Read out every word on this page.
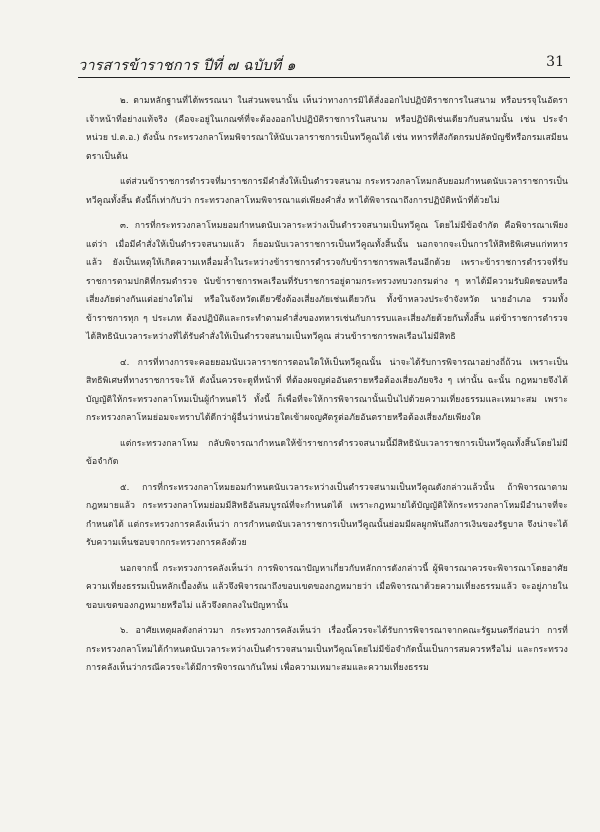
วารสารข้าราชการ ปีที่ ๗ ฉบับที่ ๑	31

๒. ตามหลักฐานที่ได้พรรณนา ในส่วนพจนานั้น เห็นว่าทางการมิได้สั่งออกไปปฏิบัติราชการในสนาม หรือบรรจุในอัตราเจ้าหน้าที่อย่างแท้จริง (คือจะอยู่ในเกณฑ์ที่จะต้องออกไปปฏิบัติราชการในสนาม หรือปฏิบัติเช่นเดียวกับสนามนั้น เช่น ประจำหน่วย ป.ต.อ.) ดังนั้น กระทรวงกลาโหมพิจารณาให้นับเวลาราชการเป็นทวีคูณได้ เช่น ทหารที่สังกัดกรมปลัดบัญชีหรือกรมเสมียนตราเป็นต้น

แต่ส่วนข้าราชการตำรวจที่มาราชการมีคำสั่งให้เป็นตำรวจสนาม กระทรวงกลาโหมกลับยอมกำหนดนับเวลาราชการเป็นทวีคูณทั้งสิ้น ดังนี้ก็เท่ากับว่า กระทรวงกลาโหมพิจารณาแต่เพียงคำสั่ง หาได้พิจารณาถึงการปฏิบัติหน้าที่ด้วยไม่

๓. การที่กระทรวงกลาโหมยอมกำหนดนับเวลาระหว่างเป็นตำรวจสนามเป็นทวีคูณ โดยไม่มีข้อจำกัด คือพิจารณาเพียงแต่ว่า เมื่อมีคำสั่งให้เป็นตำรวจสนามแล้ว ก็ยอมนับเวลาราชการเป็นทวีคูณทั้งสิ้นนั้น นอกจากจะเป็นการให้สิทธิพิเศษแก่ทหารแล้ว ยังเป็นเหตุให้เกิดความเหลื่อมล้ำในระหว่างข้าราชการตำรวจกับข้าราชการพลเรือนอีกด้วย เพราะข้าราชการตำรวจที่รับราชการตามปกติที่กรมตำรวจ นับข้าราชการพลเรือนที่รับราชการอยู่ตามกระทรวงทบวงกรมต่าง ๆ หาได้มีความรับผิดชอบหรือเสี่ยงภัยต่างกันแต่อย่างใดไม่ หรือในจังหวัดเดียวซึ่งต้องเสี่ยงภัยเช่นเดียวกัน ทั้งข้าหลวงประจำจังหวัด นายอำเภอ รวมทั้งข้าราชการทุก ๆ ประเภท ต้องปฏิบัติและกระทำตามคำสั่งของทหารเช่นกับการรบและเสี่ยงภัยด้วยกันทั้งสิ้น แต่ข้าราชการตำรวจได้สิทธินับเวลาระหว่างที่ได้รับคำสั่งให้เป็นตำรวจสนามเป็นทวีคูณ ส่วนข้าราชการพลเรือนไม่มีสิทธิ

๔. การที่ทางการจะคอยยอมนับเวลาราชการตอนใดให้เป็นทวีคูณนั้น น่าจะได้รับการพิจารณาอย่างถี่ถ้วน เพราะเป็นสิทธิพิเศษที่ทางราชการจะให้ ดังนั้นควรจะดูที่หน้าที่ ที่ต้องผจญต่ออันตรายหรือต้องเสี่ยงภัยจริง ๆ เท่านั้น ฉะนั้น กฎหมายจึงได้บัญญัติให้กระทรวงกลาโหมเป็นผู้กำหนดไว้ ทั้งนี้ ก็เพื่อที่จะให้การพิจารณานั้นเป็นไปด้วยความเที่ยงธรรมและเหมาะสม เพราะกระทรวงกลาโหมย่อมจะทราบได้ดีกว่าผู้อื่นว่าหน่วยใดเข้าผจญศัตรูต่อภัยอันตรายหรือต้องเสี่ยงภัยเพียงใด

แต่กระทรวงกลาโหม กลับพิจารณากำหนดให้ข้าราชการตำรวจสนามนี้มีสิทธินับเวลาราชการเป็นทวีคูณทั้งสิ้นโดยไม่มีข้อจำกัด

๕. การที่กระทรวงกลาโหมยอมกำหนดนับเวลาระหว่างเป็นตำรวจสนามเป็นทวีคูณดังกล่าวแล้วนั้น ถ้าพิจารณาตามกฎหมายแล้ว กระทรวงกลาโหมย่อมมีสิทธิอันสมบูรณ์ที่จะกำหนดได้ เพราะกฎหมายได้บัญญัติให้กระทรวงกลาโหมมีอำนาจที่จะกำหนดได้ แต่กระทรวงการคลังเห็นว่า การกำหนดนับเวลาราชการเป็นทวีคูณนั้นย่อมมีผลผูกพันถึงการเงินของรัฐบาล จึงน่าจะได้รับความเห็นชอบจากกระทรวงการคลังด้วย

นอกจากนี้ กระทรวงการคลังเห็นว่า การพิจารณาปัญหาเกี่ยวกับหลักการดังกล่าวนี้ ผู้พิจารณาควรจะพิจารณาโดยอาศัยความเที่ยงธรรมเป็นหลักเบื้องต้น แล้วจึงพิจารณาถึงขอบเขตของกฎหมายว่า เมื่อพิจารณาด้วยความเที่ยงธรรมแล้ว จะอยู่ภายในขอบเขตของกฎหมายหรือไม่ แล้วจึงตกลงในปัญหานั้น

๖. อาศัยเหตุผลดังกล่าวมา กระทรวงการคลังเห็นว่า เรื่องนี้ควรจะได้รับการพิจารณาจากคณะรัฐมนตรีก่อนว่า การที่กระทรวงกลาโหมได้กำหนดนับเวลาระหว่างเป็นตำรวจสนามเป็นทวีคูณโดยไม่มีข้อจำกัดนั้นเป็นการสมควรหรือไม่ และกระทรวงการคลังเห็นว่ากรณีควรจะได้มีการพิจารณากันใหม่ เพื่อความเหมาะสมและความเที่ยงธรรม
